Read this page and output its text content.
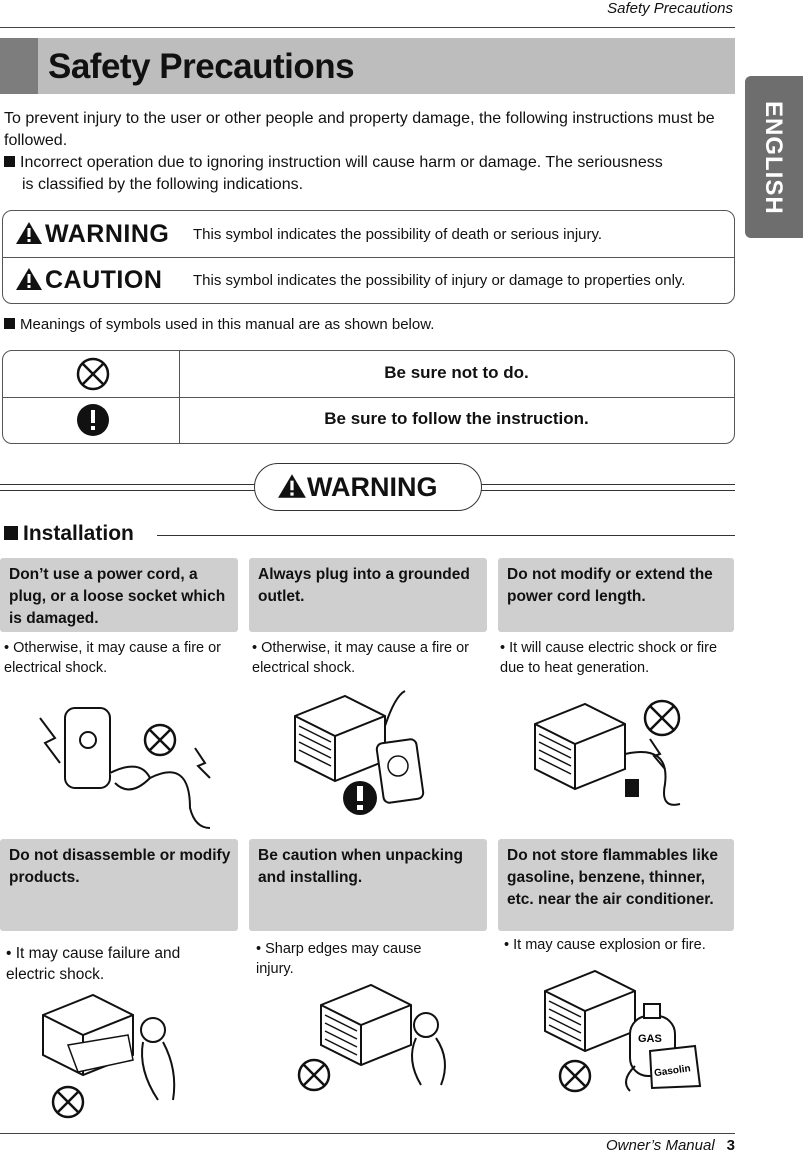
Safety Precautions
Safety Precautions
ENGLISH
To prevent injury to the user or other people and property damage, the following instructions must be followed.
Incorrect operation due to ignoring instruction will cause harm or damage. The seriousness
is classified by the following indications.
WARNING This symbol indicates the possibility of death or serious injury.
CAUTION This symbol indicates the possibility of injury or damage to properties only.
Meanings of symbols used in this manual are as shown below.
Be sure not to do.
Be sure to follow the instruction.
WARNING
Installation
Don’t use a power cord, a plug, or a loose socket which is damaged.
Always plug into a grounded outlet.
Do not modify or extend the power cord length.
• Otherwise, it may cause a fire or electrical shock.
• Otherwise, it may cause a fire or electrical shock.
• It will cause electric shock or fire due to heat generation.
Do not disassemble or modify products.
Be caution when unpacking and installing.
Do not store flammables like gasoline, benzene, thinner, etc. near the air conditioner.
• It may cause failure and electric shock.
• Sharp edges may cause injury.
• It may cause explosion or fire.
GAS
Gasolin
Owner’s Manual 3
